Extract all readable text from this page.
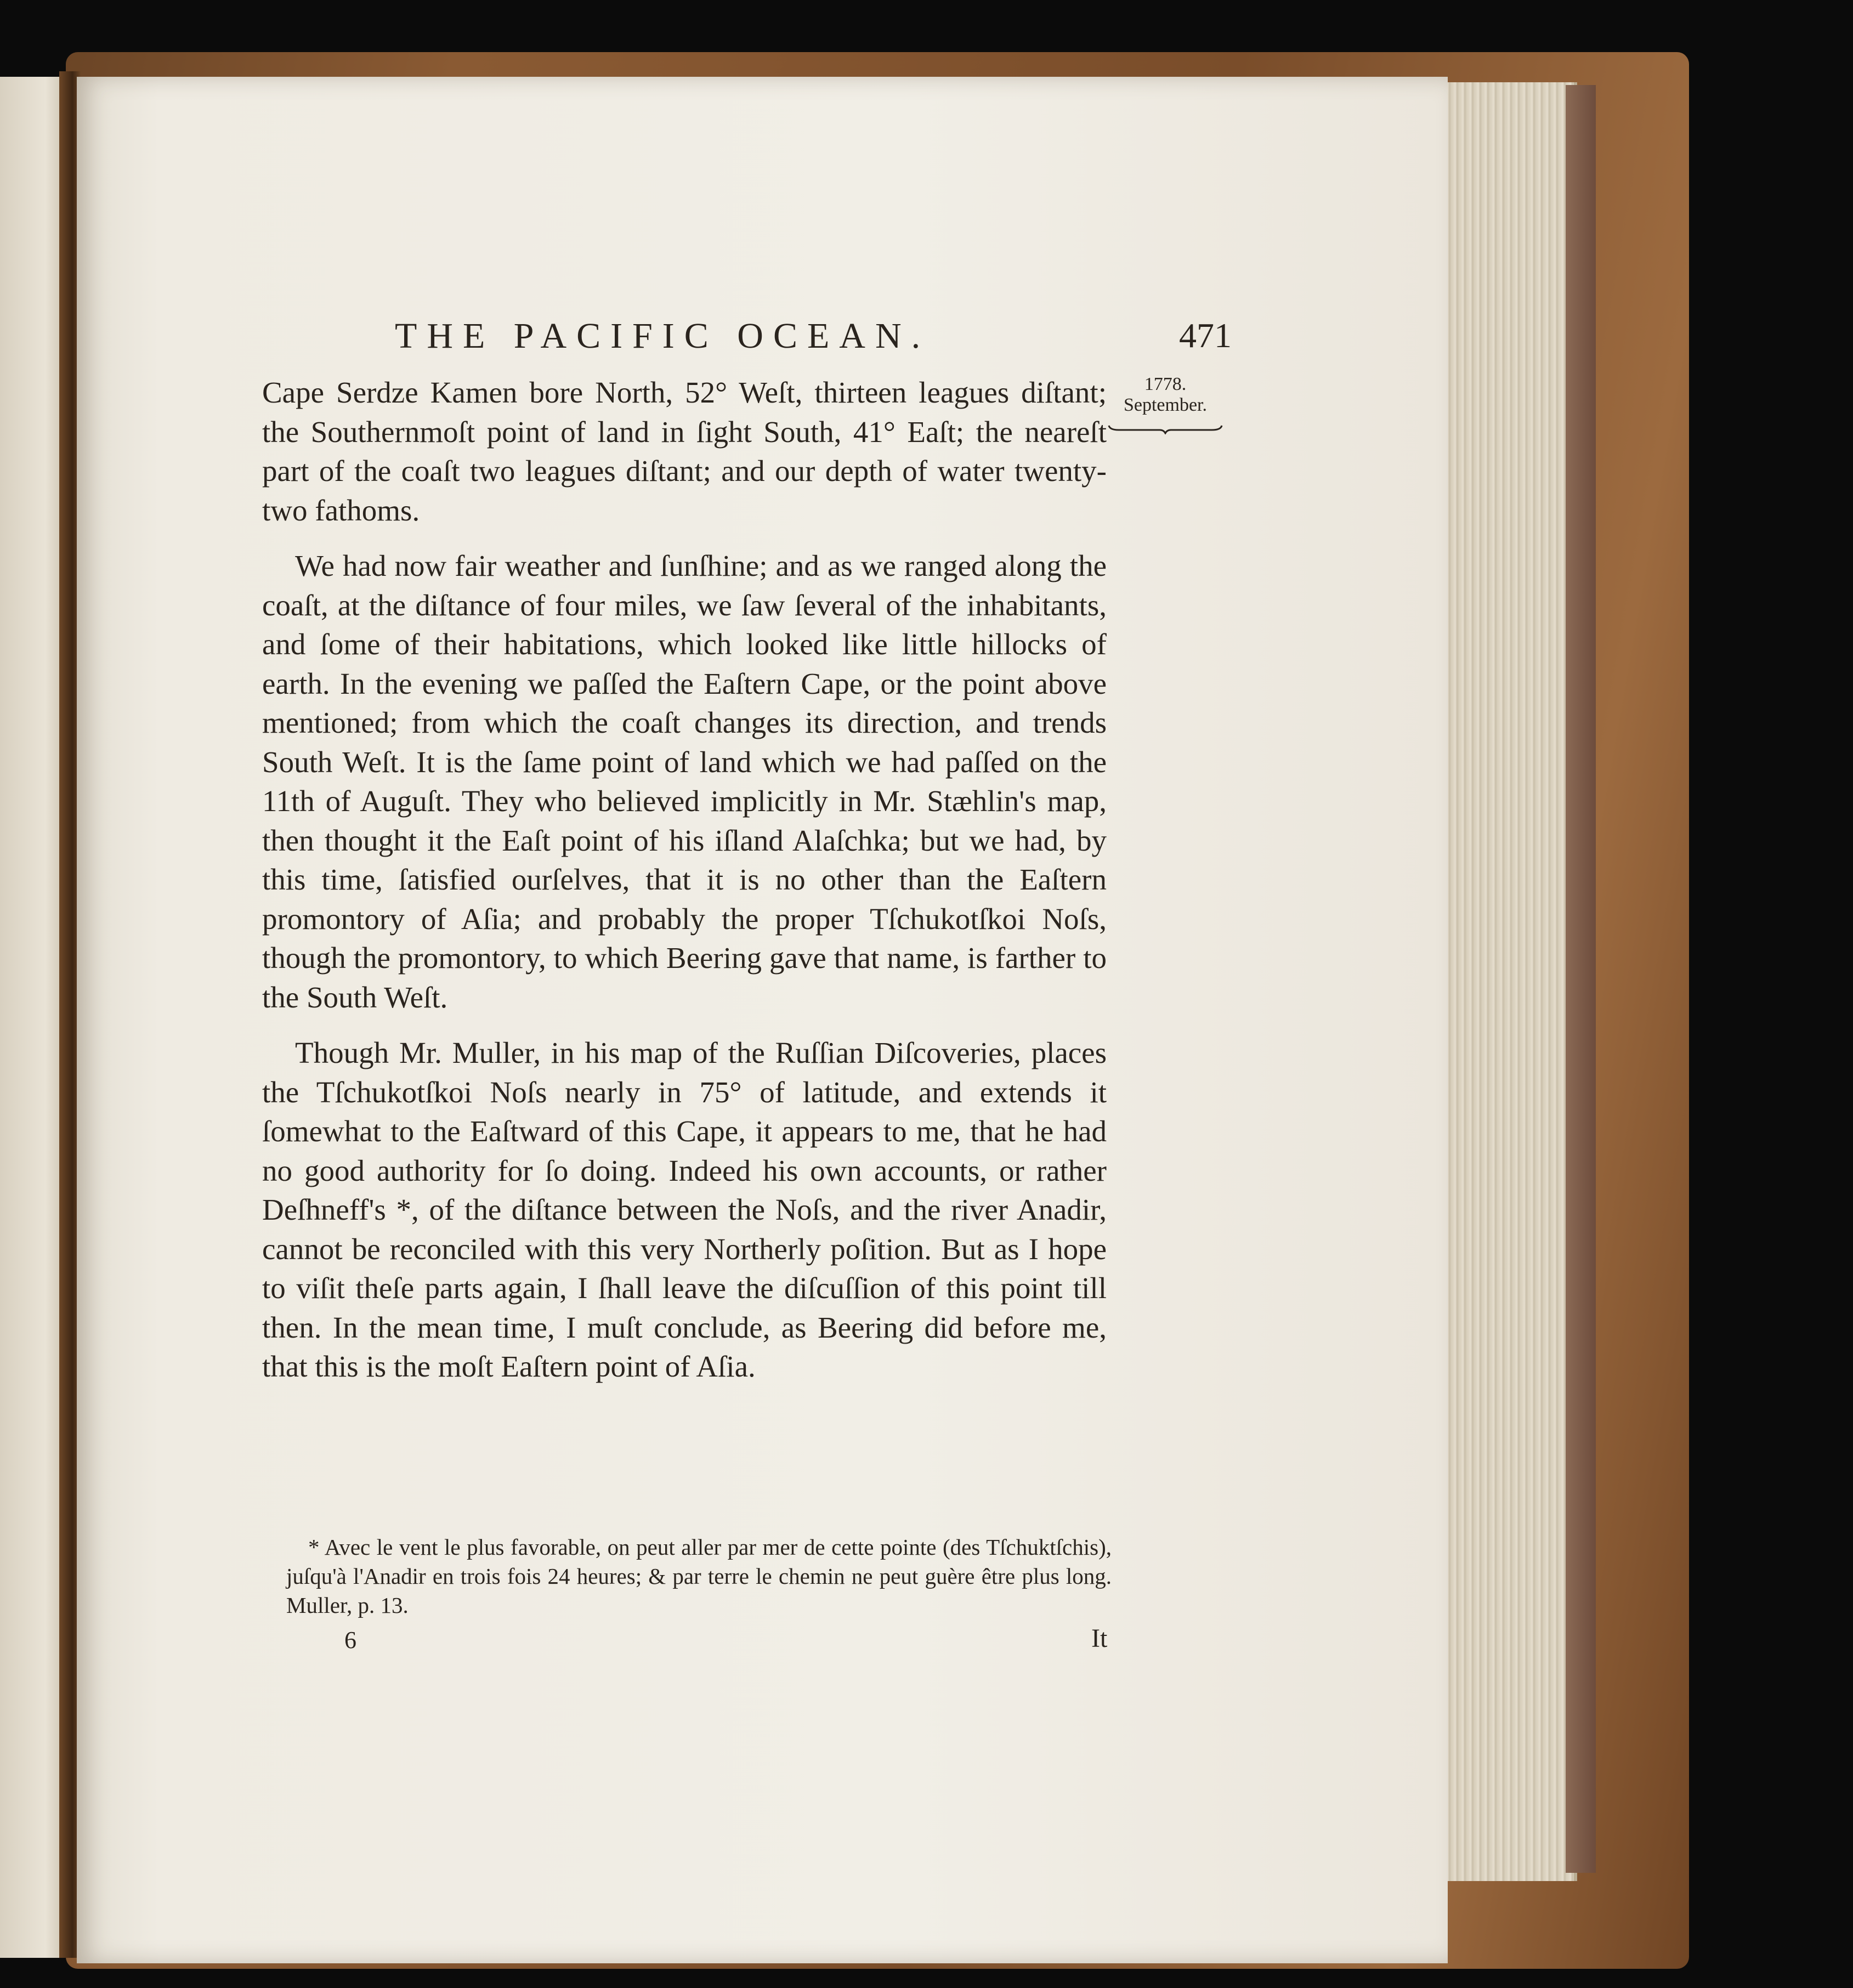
THE PACIFIC OCEAN.	471
1778.
September.

Cape Serdze Kamen bore North, 52° Weſt, thirteen leagues diſtant; the Southernmoſt point of land in ſight South, 41° Eaſt; the neareſt part of the coaſt two leagues diſtant; and our depth of water twenty-two fathoms.

We had now fair weather and ſunſhine; and as we ranged along the coaſt, at the diſtance of four miles, we ſaw ſeveral of the inhabitants, and ſome of their habitations, which looked like little hillocks of earth. In the evening we paſſed the Eaſtern Cape, or the point above mentioned; from which the coaſt changes its direction, and trends South Weſt. It is the ſame point of land which we had paſſed on the 11th of Auguſt. They who believed implicitly in Mr. Stæhlin's map, then thought it the Eaſt point of his iſland Alaſchka; but we had, by this time, ſatisfied ourſelves, that it is no other than the Eaſtern promontory of Aſia; and probably the proper Tſchukotſkoi Noſs, though the promontory, to which Beering gave that name, is farther to the South Weſt.

Though Mr. Muller, in his map of the Ruſſian Diſcoveries, places the Tſchukotſkoi Noſs nearly in 75° of latitude, and extends it ſomewhat to the Eaſtward of this Cape, it appears to me, that he had no good authority for ſo doing. Indeed his own accounts, or rather Deſhneff's *, of the diſtance between the Noſs, and the river Anadir, cannot be reconciled with this very Northerly poſition. But as I hope to viſit theſe parts again, I ſhall leave the diſcuſſion of this point till then. In the mean time, I muſt conclude, as Beering did before me, that this is the moſt Eaſtern point of Aſia.

* Avec le vent le plus favorable, on peut aller par mer de cette pointe (des Tſchuktſchis), juſqu'à l'Anadir en trois fois 24 heures; & par terre le chemin ne peut guère être plus long. Muller, p. 13.
6	It
